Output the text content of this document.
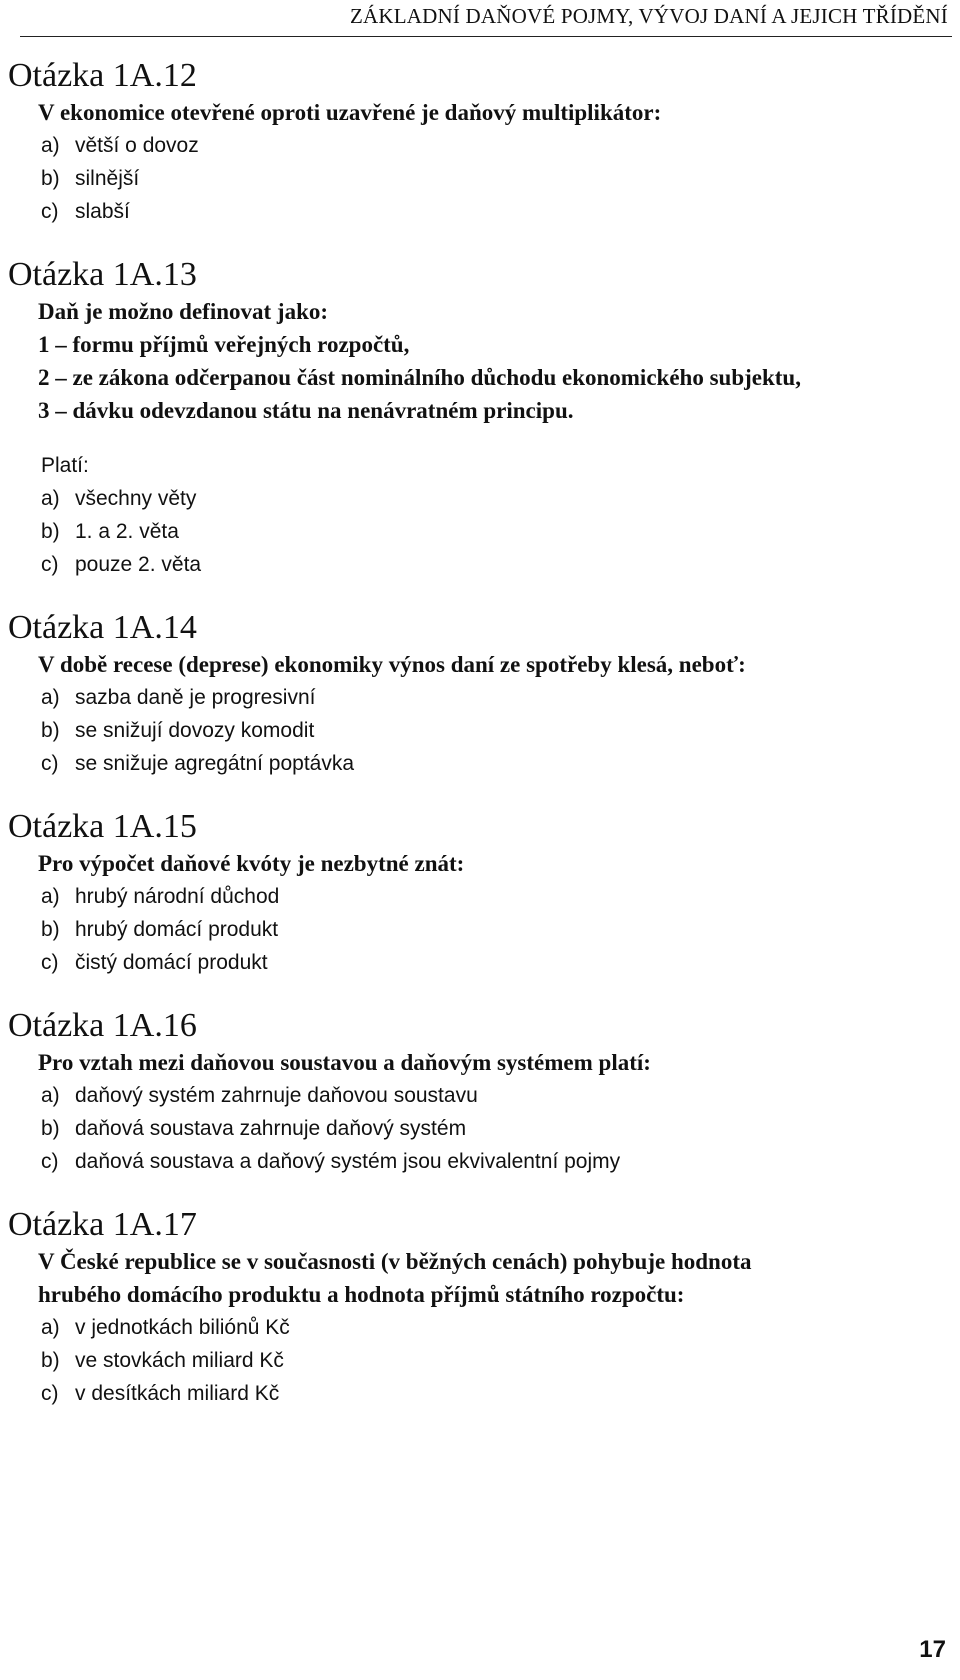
ZÁKLADNÍ DAŇOVÉ POJMY, VÝVOJ DANÍ A JEJICH TŘÍDĚNÍ
Otázka 1A.12
V ekonomice otevřené oproti uzavřené je daňový multiplikátor:
a) větší o dovoz
b) silnější
c) slabší
Otázka 1A.13
Daň je možno definovat jako:
1 – formu příjmů veřejných rozpočtů,
2 – ze zákona odčerpanou část nominálního důchodu ekonomického subjektu,
3 – dávku odevzdanou státu na nenávratném principu.
Platí:
a) všechny věty
b) 1. a 2. věta
c) pouze 2. věta
Otázka 1A.14
V době recese (deprese) ekonomiky výnos daní ze spotřeby klesá, neboť:
a) sazba daně je progresivní
b) se snižují dovozy komodit
c) se snižuje agregátní poptávka
Otázka 1A.15
Pro výpočet daňové kvóty je nezbytné znát:
a) hrubý národní důchod
b) hrubý domácí produkt
c) čistý domácí produkt
Otázka 1A.16
Pro vztah mezi daňovou soustavou a daňovým systémem platí:
a) daňový systém zahrnuje daňovou soustavu
b) daňová soustava zahrnuje daňový systém
c) daňová soustava a daňový systém jsou ekvivalentní pojmy
Otázka 1A.17
V České republice se v současnosti (v běžných cenách) pohybuje hodnota
hrubého domácího produktu a hodnota příjmů státního rozpočtu:
a) v jednotkách biliónů Kč
b) ve stovkách miliard Kč
c) v desítkách miliard Kč
17
